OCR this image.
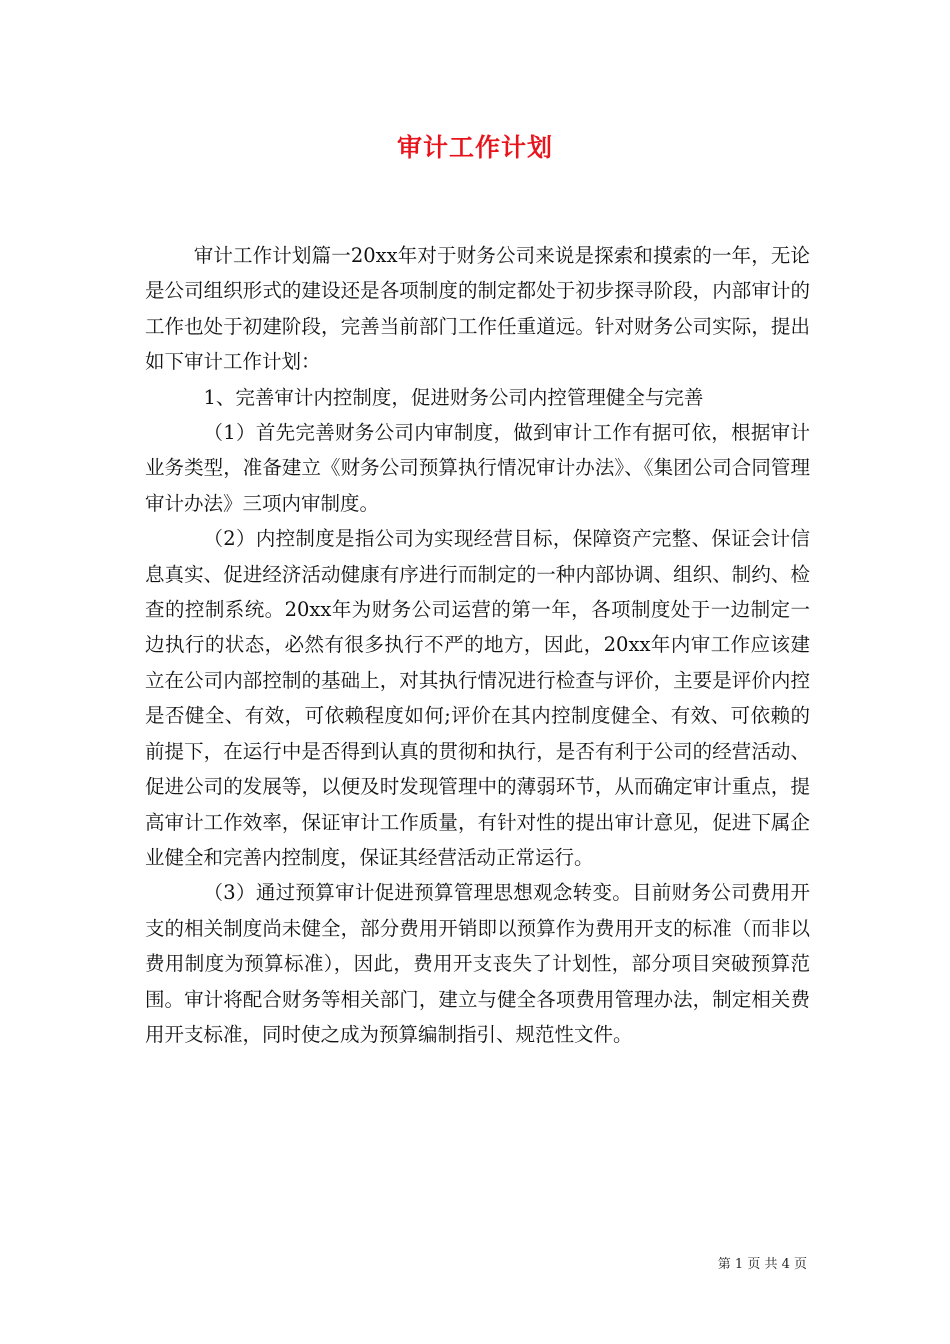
审计工作计划

审计工作计划篇一20xx年对于财务公司来说是探索和摸索的一年，无论是公司组织形式的建设还是各项制度的制定都处于初步探寻阶段，内部审计的工作也处于初建阶段，完善当前部门工作任重道远。针对财务公司实际，提出如下审计工作计划：

1、完善审计内控制度，促进财务公司内控管理健全与完善

（1）首先完善财务公司内审制度，做到审计工作有据可依，根据审计业务类型，准备建立《财务公司预算执行情况审计办法》、《集团公司合同管理审计办法》三项内审制度。

（2）内控制度是指公司为实现经营目标，保障资产完整、保证会计信息真实、促进经济活动健康有序进行而制定的一种内部协调、组织、制约、检查的控制系统。20xx年为财务公司运营的第一年，各项制度处于一边制定一边执行的状态，必然有很多执行不严的地方，因此，20xx年内审工作应该建立在公司内部控制的基础上，对其执行情况进行检查与评价，主要是评价内控是否健全、有效，可依赖程度如何;评价在其内控制度健全、有效、可依赖的前提下，在运行中是否得到认真的贯彻和执行，是否有利于公司的经营活动、促进公司的发展等，以便及时发现管理中的薄弱环节，从而确定审计重点，提高审计工作效率，保证审计工作质量，有针对性的提出审计意见，促进下属企业健全和完善内控制度，保证其经营活动正常运行。

（3）通过预算审计促进预算管理思想观念转变。目前财务公司费用开支的相关制度尚未健全，部分费用开销即以预算作为费用开支的标准（而非以费用制度为预算标准），因此，费用开支丧失了计划性，部分项目突破预算范围。审计将配合财务等相关部门，建立与健全各项费用管理办法，制定相关费用开支标准，同时使之成为预算编制指引、规范性文件。

第 1 页 共 4 页
